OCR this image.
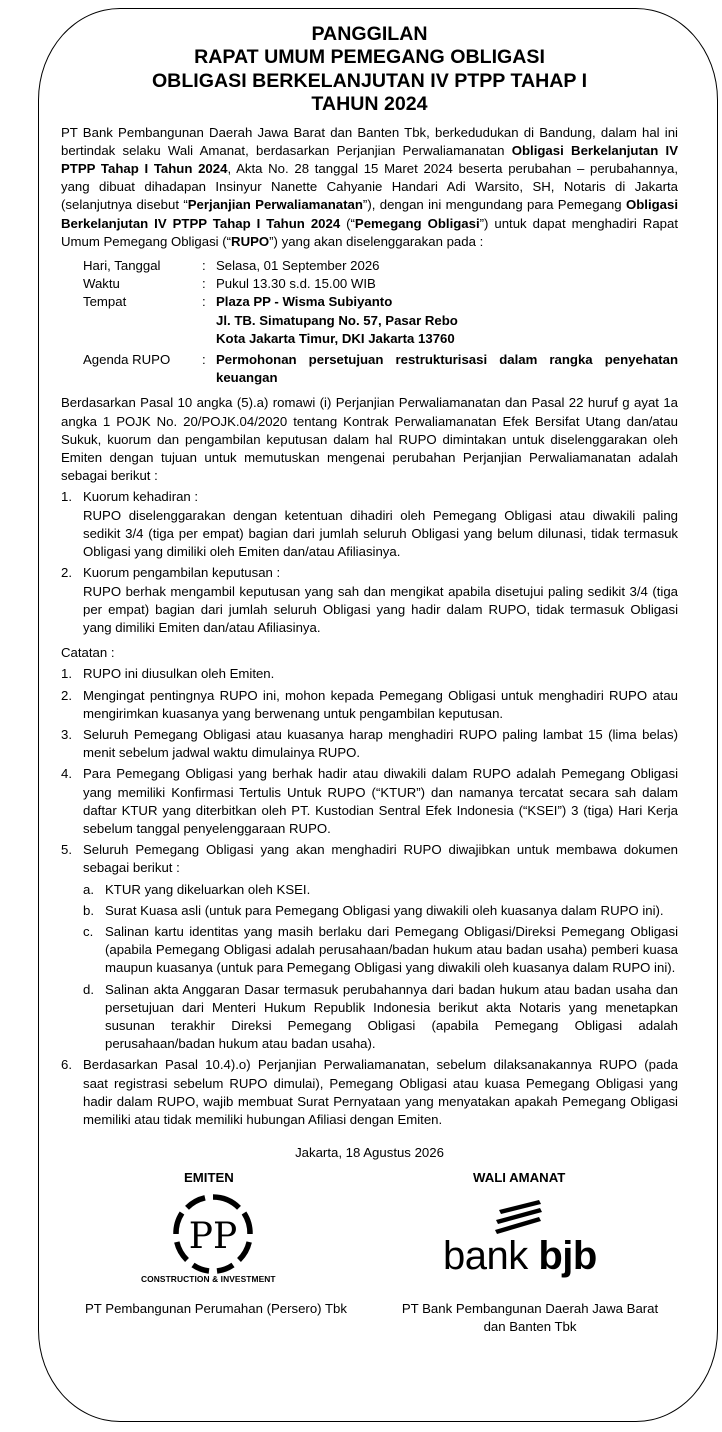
PANGGILAN
RAPAT UMUM PEMEGANG OBLIGASI
OBLIGASI BERKELANJUTAN IV PTPP TAHAP I
TAHUN 2024

PT Bank Pembangunan Daerah Jawa Barat dan Banten Tbk, berkedudukan di Bandung, dalam hal ini bertindak selaku Wali Amanat, berdasarkan Perjanjian Perwaliamanatan Obligasi Berkelanjutan IV PTPP Tahap I Tahun 2024, Akta No. 28 tanggal 15 Maret 2024 beserta perubahan – perubahannya, yang dibuat dihadapan Insinyur Nanette Cahyanie Handari Adi Warsito, SH, Notaris di Jakarta (selanjutnya disebut “Perjanjian Perwaliamanatan”), dengan ini mengundang para Pemegang Obligasi Berkelanjutan IV PTPP Tahap I Tahun 2024 (“Pemegang Obligasi”) untuk dapat menghadiri Rapat Umum Pemegang Obligasi (“RUPO”) yang akan diselenggarakan pada :

Hari, Tanggal	: Selasa, 01 September 2026
Waktu	: Pukul 13.30 s.d. 15.00 WIB
Tempat	: Plaza PP - Wisma Subiyanto
Jl. TB. Simatupang No. 57, Pasar Rebo
Kota Jakarta Timur, DKI Jakarta 13760
Agenda RUPO	: Permohonan persetujuan restrukturisasi dalam rangka penyehatan keuangan

Berdasarkan Pasal 10 angka (5).a) romawi (i) Perjanjian Perwaliamanatan dan Pasal 22 huruf g ayat 1a angka 1 POJK No. 20/POJK.04/2020 tentang Kontrak Perwaliamanatan Efek Bersifat Utang dan/atau Sukuk, kuorum dan pengambilan keputusan dalam hal RUPO dimintakan untuk diselenggarakan oleh Emiten dengan tujuan untuk memutuskan mengenai perubahan Perjanjian Perwaliamanatan adalah sebagai berikut :

1. Kuorum kehadiran :
RUPO diselenggarakan dengan ketentuan dihadiri oleh Pemegang Obligasi atau diwakili paling sedikit 3/4 (tiga per empat) bagian dari jumlah seluruh Obligasi yang belum dilunasi, tidak termasuk Obligasi yang dimiliki oleh Emiten dan/atau Afiliasinya.
2. Kuorum pengambilan keputusan :
RUPO berhak mengambil keputusan yang sah dan mengikat apabila disetujui paling sedikit 3/4 (tiga per empat) bagian dari jumlah seluruh Obligasi yang hadir dalam RUPO, tidak termasuk Obligasi yang dimiliki Emiten dan/atau Afiliasinya.

Catatan :

1. RUPO ini diusulkan oleh Emiten.
2. Mengingat pentingnya RUPO ini, mohon kepada Pemegang Obligasi untuk menghadiri RUPO atau mengirimkan kuasanya yang berwenang untuk pengambilan keputusan.
3. Seluruh Pemegang Obligasi atau kuasanya harap menghadiri RUPO paling lambat 15 (lima belas) menit sebelum jadwal waktu dimulainya RUPO.
4. Para Pemegang Obligasi yang berhak hadir atau diwakili dalam RUPO adalah Pemegang Obligasi yang memiliki Konfirmasi Tertulis Untuk RUPO (“KTUR”) dan namanya tercatat secara sah dalam daftar KTUR yang diterbitkan oleh PT. Kustodian Sentral Efek Indonesia (“KSEI”) 3 (tiga) Hari Kerja sebelum tanggal penyelenggaraan RUPO.
5. Seluruh Pemegang Obligasi yang akan menghadiri RUPO diwajibkan untuk membawa dokumen sebagai berikut :
a. KTUR yang dikeluarkan oleh KSEI.
b. Surat Kuasa asli (untuk para Pemegang Obligasi yang diwakili oleh kuasanya dalam RUPO ini).
c. Salinan kartu identitas yang masih berlaku dari Pemegang Obligasi/Direksi Pemegang Obligasi (apabila Pemegang Obligasi adalah perusahaan/badan hukum atau badan usaha) pemberi kuasa maupun kuasanya (untuk para Pemegang Obligasi yang diwakili oleh kuasanya dalam RUPO ini).
d. Salinan akta Anggaran Dasar termasuk perubahannya dari badan hukum atau badan usaha dan persetujuan dari Menteri Hukum Republik Indonesia berikut akta Notaris yang menetapkan susunan terakhir Direksi Pemegang Obligasi (apabila Pemegang Obligasi adalah perusahaan/badan hukum atau badan usaha).
6. Berdasarkan Pasal 10.4).o) Perjanjian Perwaliamanatan, sebelum dilaksanakannya RUPO (pada saat registrasi sebelum RUPO dimulai), Pemegang Obligasi atau kuasa Pemegang Obligasi yang hadir dalam RUPO, wajib membuat Surat Pernyataan yang menyatakan apakah Pemegang Obligasi memiliki atau tidak memiliki hubungan Afiliasi dengan Emiten.
Jakarta, 18 Agustus 2026
EMITEN	WALI AMANAT
PP
CONSTRUCTION & INVESTMENT
bank bjb
PT Pembangunan Perumahan (Persero) Tbk	PT Bank Pembangunan Daerah Jawa Barat
dan Banten Tbk
